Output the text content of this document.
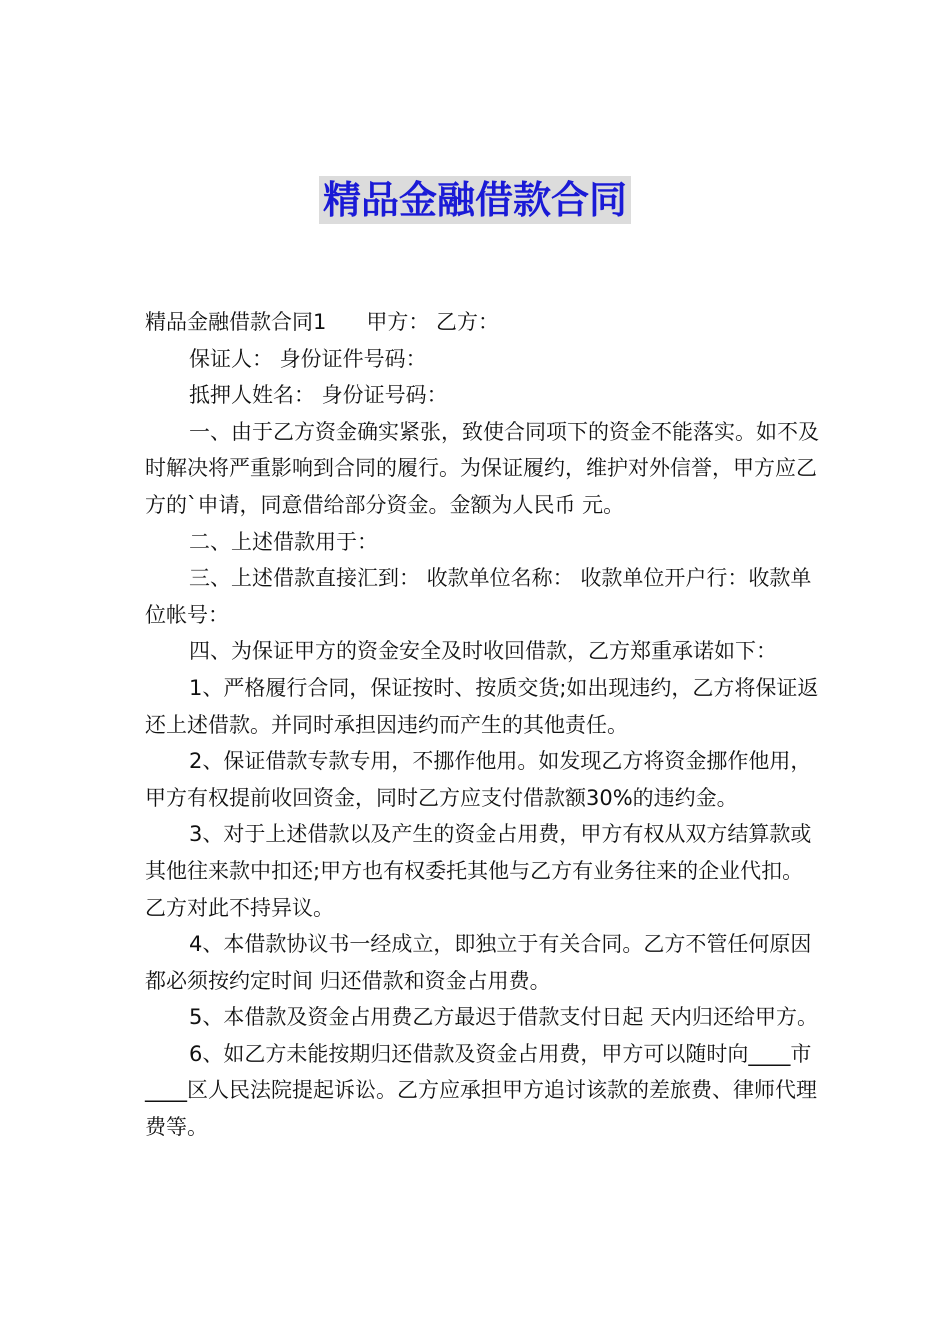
精品金融借款合同

精品金融借款合同1 甲方： 乙方：

保证人： 身份证件号码：

抵押人姓名： 身份证号码：

一、由于乙方资金确实紧张，致使合同项下的资金不能落实。如不及时解决将严重影响到合同的履行。为保证履约，维护对外信誉，甲方应乙方的`申请，同意借给部分资金。金额为人民币 元。

二、上述借款用于：

三、上述借款直接汇到： 收款单位名称： 收款单位开户行：收款单位帐号：

四、为保证甲方的资金安全及时收回借款，乙方郑重承诺如下：

1、严格履行合同，保证按时、按质交货;如出现违约，乙方将保证返还上述借款。并同时承担因违约而产生的其他责任。

2、保证借款专款专用，不挪作他用。如发现乙方将资金挪作他用，甲方有权提前收回资金，同时乙方应支付借款额30%的违约金。

3、对于上述借款以及产生的资金占用费，甲方有权从双方结算款或其他往来款中扣还;甲方也有权委托其他与乙方有业务往来的企业代扣。乙方对此不持异议。

4、本借款协议书一经成立，即独立于有关合同。乙方不管任何原因都必须按约定时间 归还借款和资金占用费。

5、本借款及资金占用费乙方最迟于借款支付日起 天内归还给甲方。

6、如乙方未能按期归还借款及资金占用费，甲方可以随时向____市____区人民法院提起诉讼。乙方应承担甲方追讨该款的差旅费、律师代理费等。
